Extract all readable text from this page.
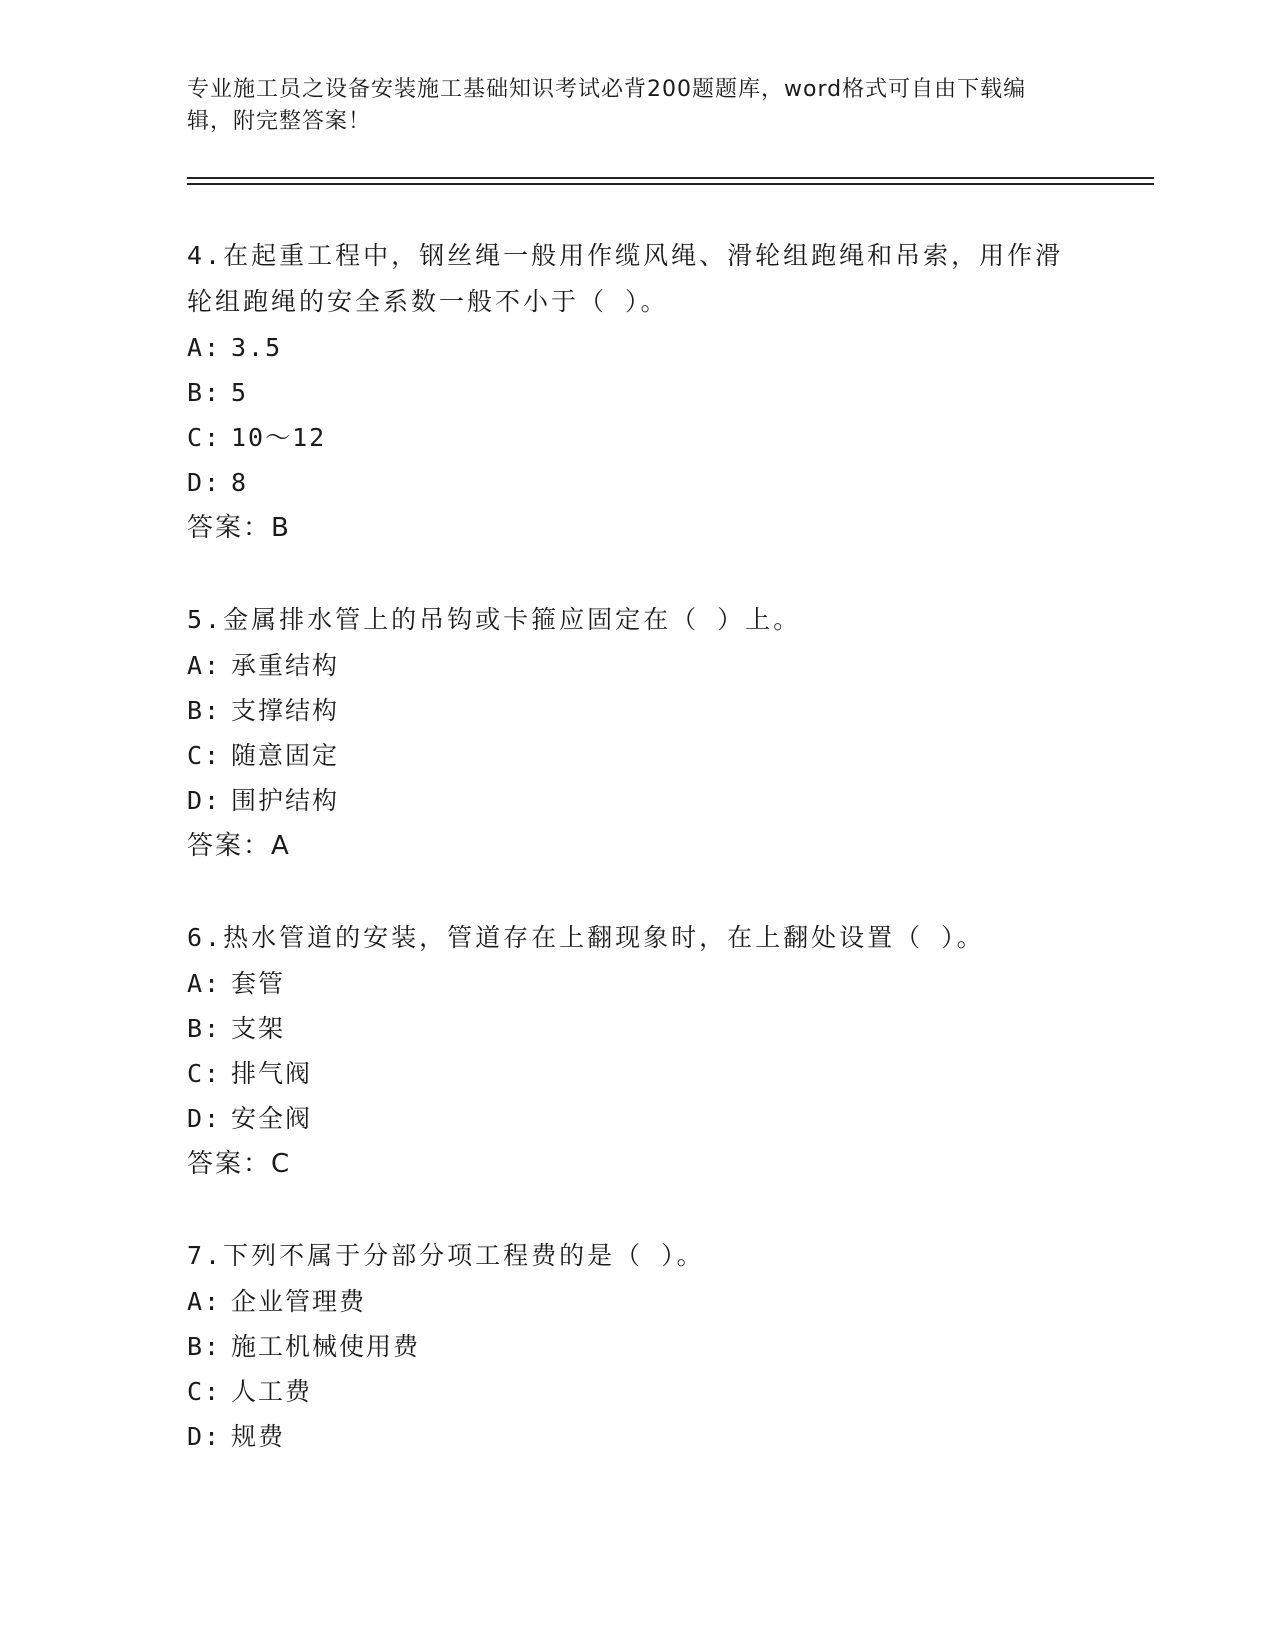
专业施工员之设备安装施工基础知识考试必背200题题库，word格式可自由下载编辑，附完整答案！

4.在起重工程中，钢丝绳一般用作缆风绳、滑轮组跑绳和吊索，用作滑轮组跑绳的安全系数一般不小于（ ）。

A: 3.5

B: 5

C: 10～12

D: 8

答案：B

5.金属排水管上的吊钩或卡箍应固定在（ ）上。

A: 承重结构

B: 支撑结构

C: 随意固定

D: 围护结构

答案：A

6.热水管道的安装，管道存在上翻现象时，在上翻处设置（ ）。

A: 套管

B: 支架

C: 排气阀

D: 安全阀

答案：C

7.下列不属于分部分项工程费的是（ ）。

A: 企业管理费

B: 施工机械使用费

C: 人工费

D: 规费
